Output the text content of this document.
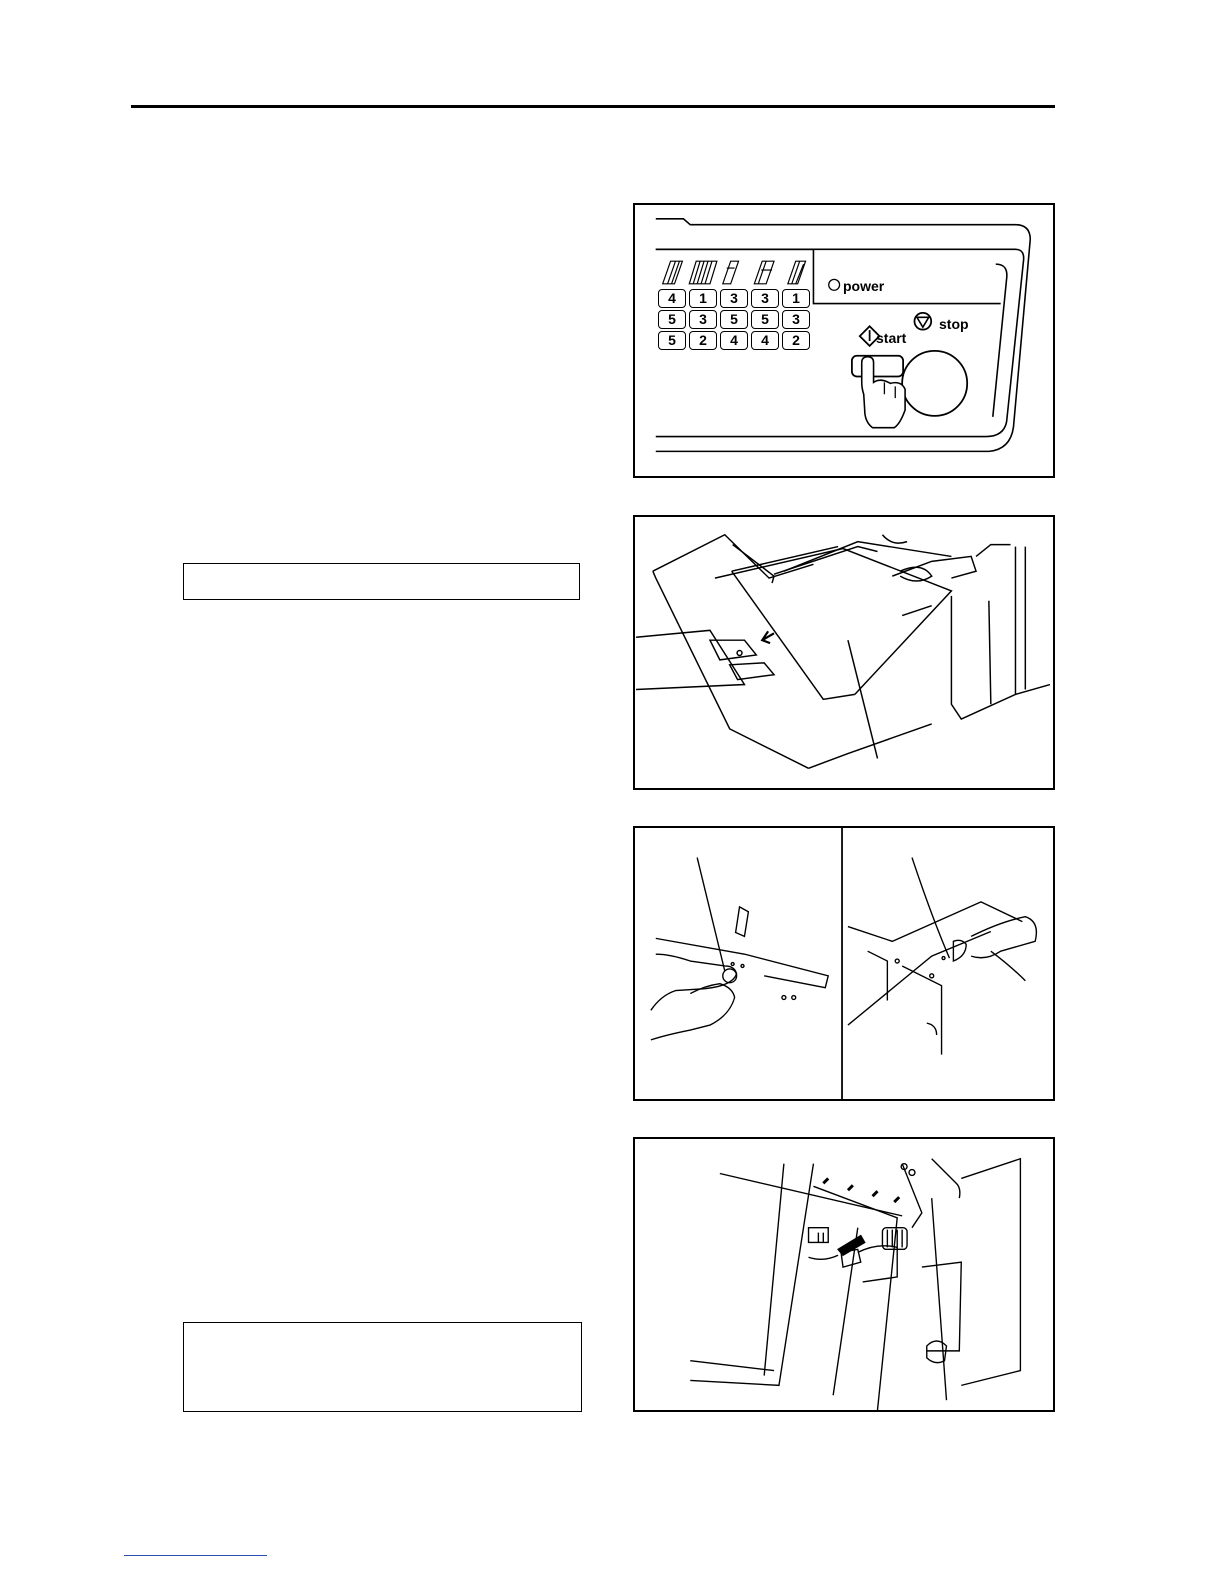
power
start
stop
4	1	3	3	1
5	3	5	5	3
5	2	4	4	2
